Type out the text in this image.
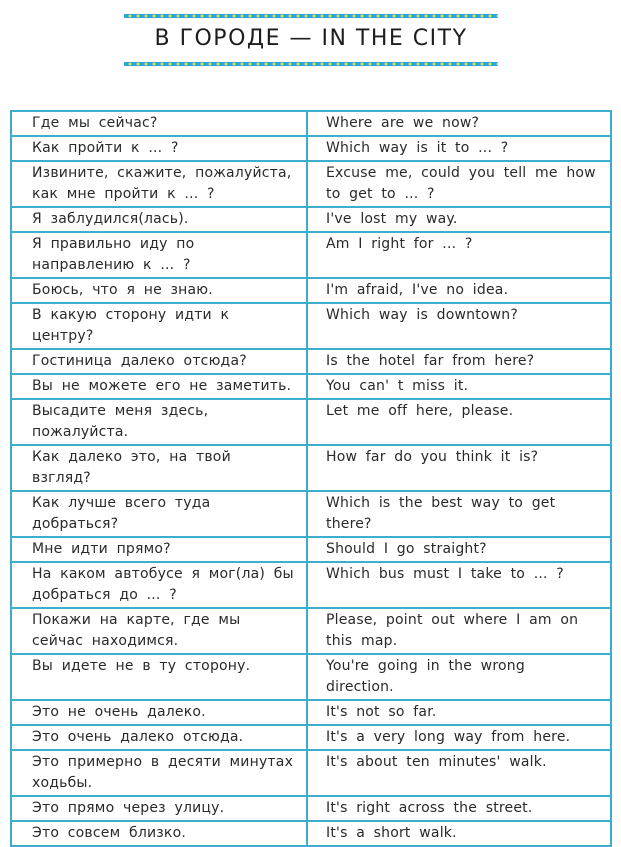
В ГОРОДЕ — IN THE CITY
Где мы сейчас?	Where are we now?
Как пройти к ... ?	Which way is it to ... ?
Извините, скажите, пожалуйста, как мне пройти к ... ?	Excuse me, could you tell me how to get to ... ?
Я заблудился(лась).	I've lost my way.
Я правильно иду по направлению к ... ?	Am I right for ... ?
Боюсь, что я не знаю.	I'm afraid, I've no idea.
В какую сторону идти к центру?	Which way is downtown?
Гостиница далеко отсюда?	Is the hotel far from here?
Вы не можете его не заметить.	You can' t miss it.
Высадите меня здесь, пожалуйста.	Let me off here, please.
Как далеко это, на твой взгляд?	How far do you think it is?
Как лучше всего туда добраться?	Which is the best way to get there?
Мне идти прямо?	Should I go straight?
На каком автобусе я мог(ла) бы добраться до ... ?	Which bus must I take to ... ?
Покажи на карте, где мы сейчас находимся.	Please, point out where I am on this map.
Вы идете не в ту сторону.	You're going in the wrong direction.
Это не очень далеко.	It's not so far.
Это очень далеко отсюда.	It's a very long way from here.
Это примерно в десяти минутах ходьбы.	It's about ten minutes' walk.
Это прямо через улицу.	It's right across the street.
Это совсем близко.	It's a short walk.
